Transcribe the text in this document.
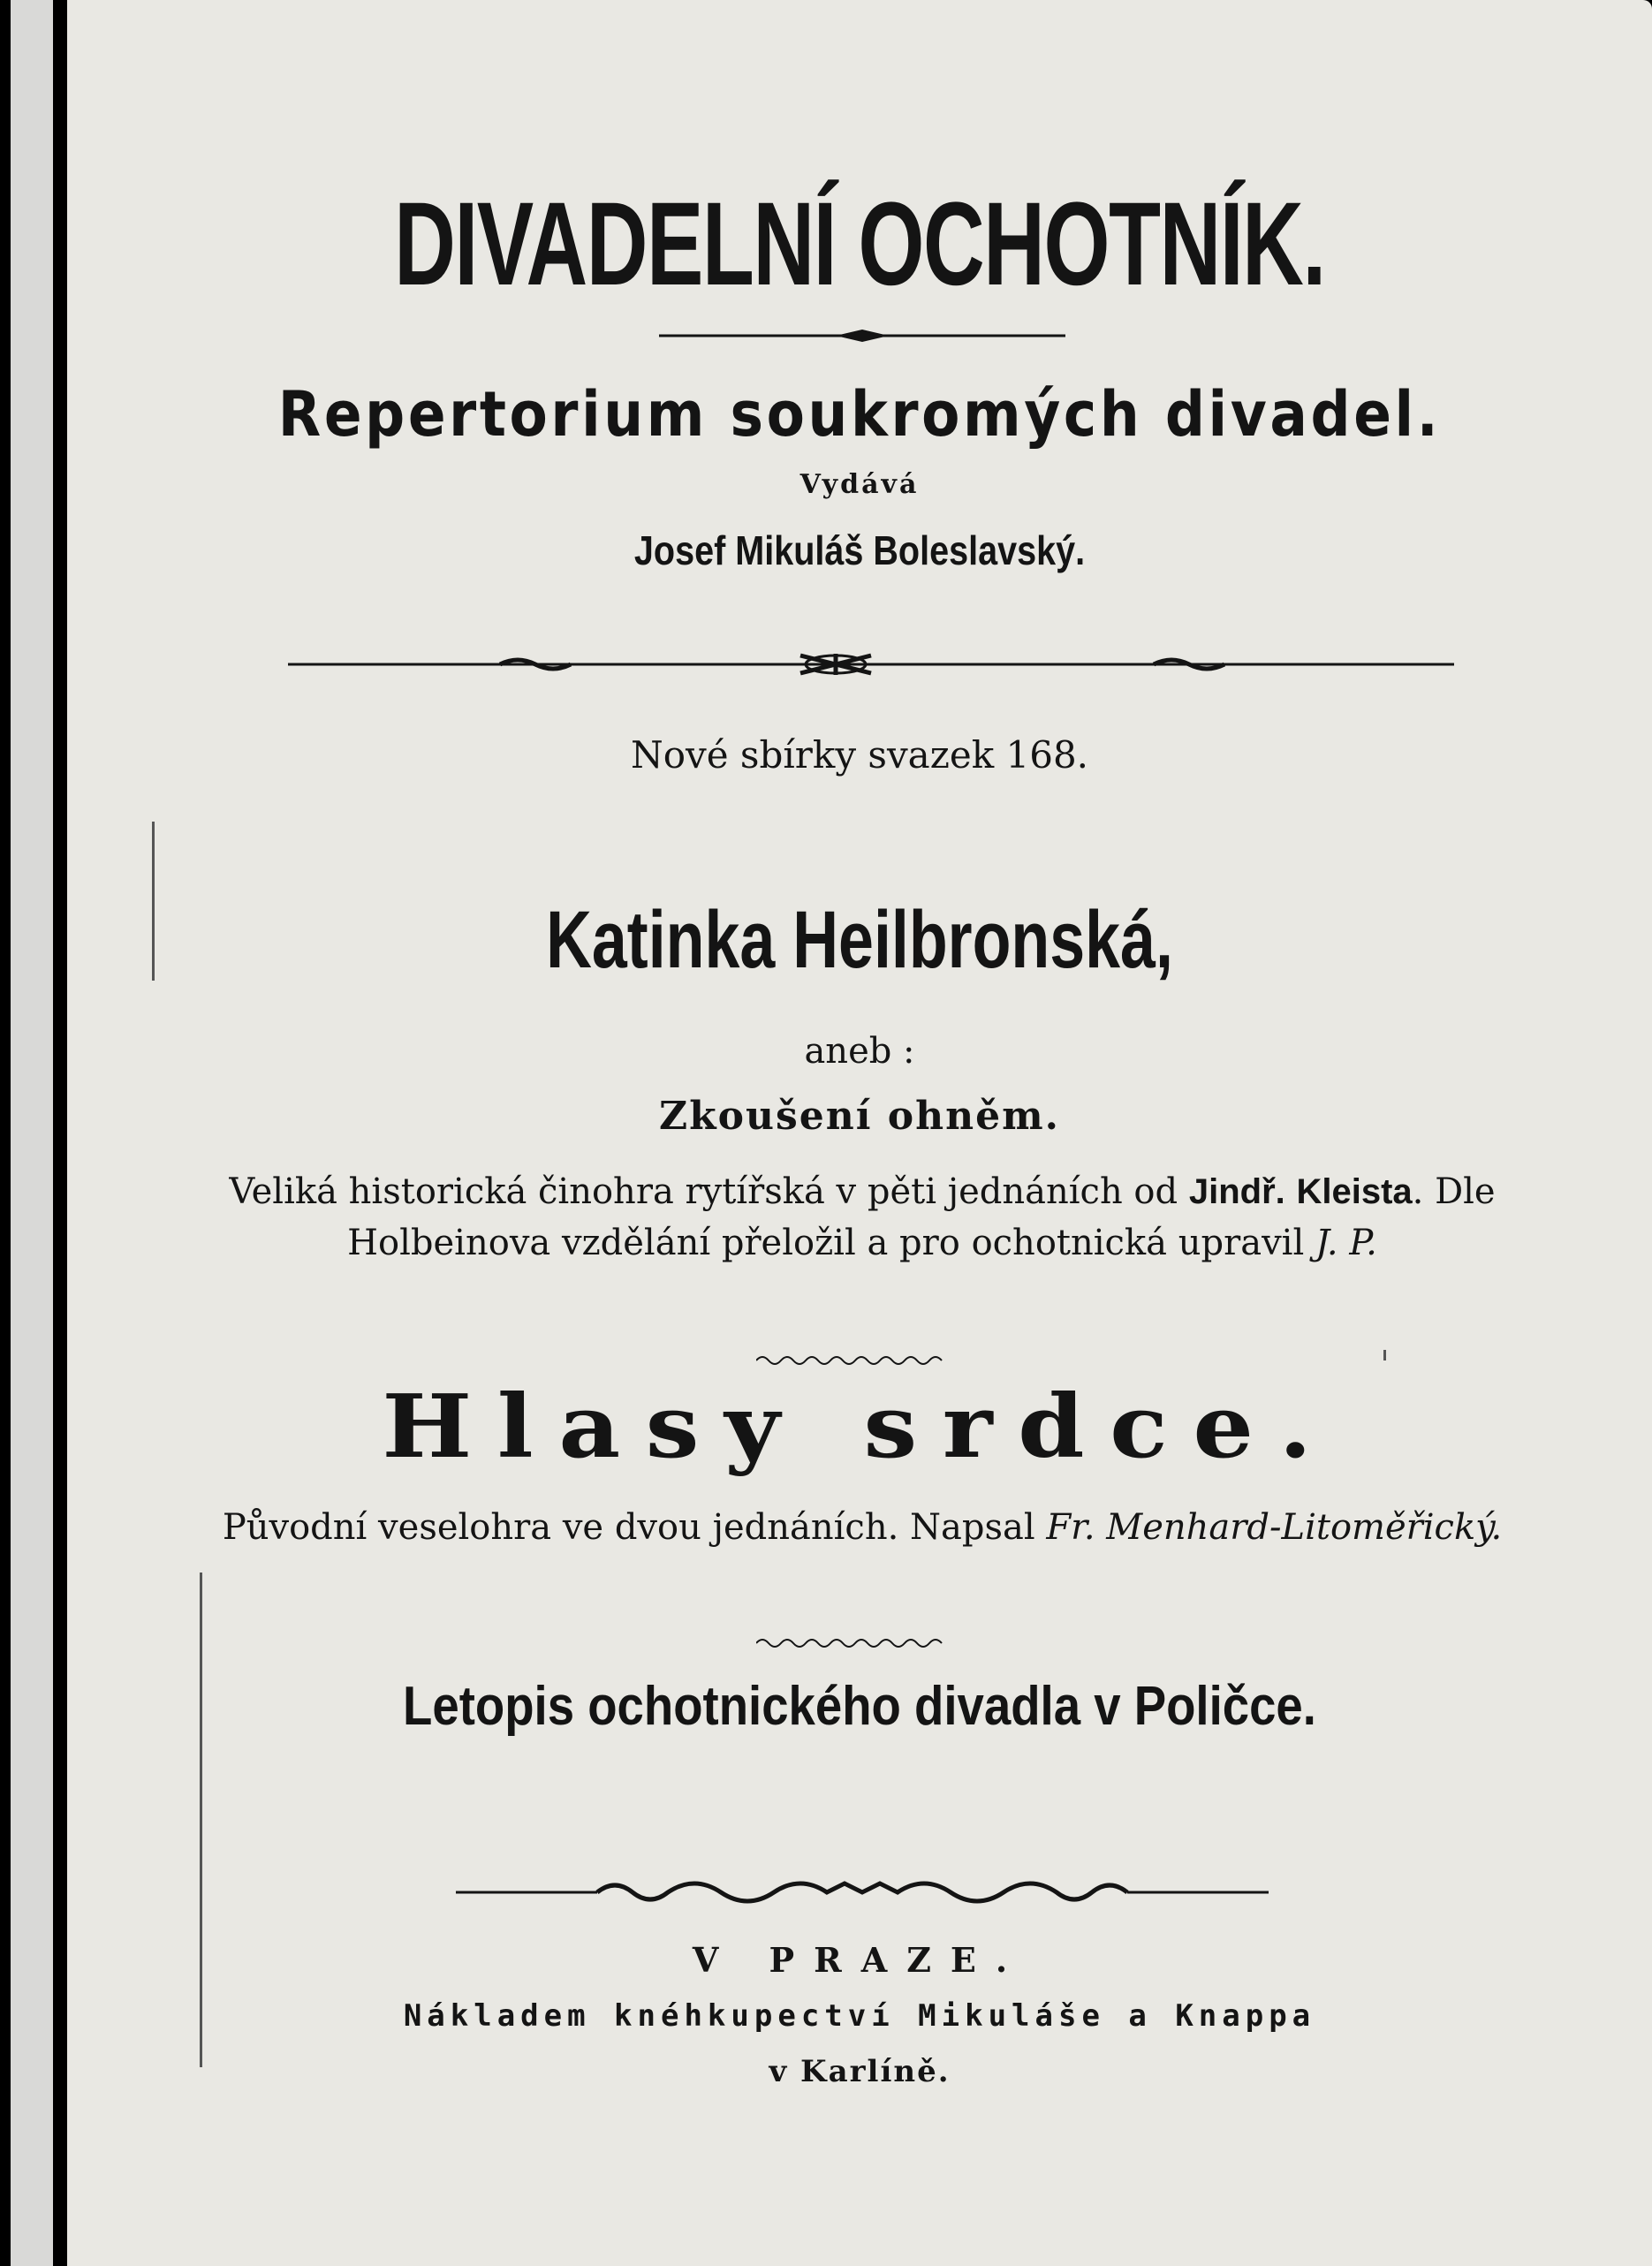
DIVADELNÍ OCHOTNÍK.
Repertorium soukromých divadel.
Vydává
Josef Mikuláš Boleslavský.
Nové sbírky svazek 168.
Katinka Heilbronská,
aneb :
Zkoušení ohněm.
Veliká historická činohra rytířská v pěti jednáních od Jindř. Kleista. Dle Holbeinova vzdělání přeložil a pro ochotnická upravil J. P.
Hlasy srdce.
Původní veselohra ve dvou jednáních. Napsal Fr. Menhard-Litoměřický.
Letopis ochotnického divadla v Poličce.
V PRAZE.
Nákladem knéhkupectví Mikuláše a Knappa
v Karlíně.
